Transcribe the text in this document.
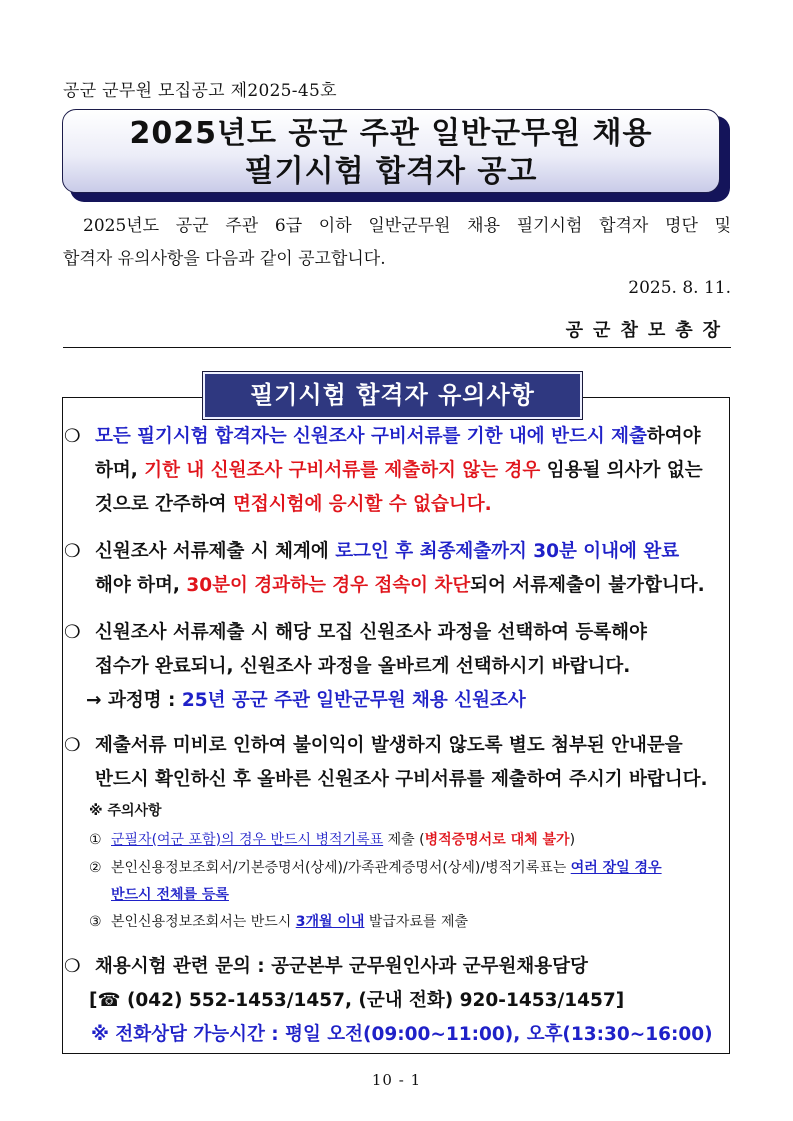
공군 군무원 모집공고 제2025-45호
2025년도 공군 주관 일반군무원 채용
필기시험 합격자 공고
2025년도 공군 주관 6급 이하 일반군무원 채용 필기시험 합격자 명단 및
합격자 유의사항을 다음과 같이 공고합니다.
2025. 8. 11.
공군참모총장
필기시험 합격자 유의사항
❍ 모든 필기시험 합격자는 신원조사 구비서류를 기한 내에 반드시 제출하여야
하며, 기한 내 신원조사 구비서류를 제출하지 않는 경우 임용될 의사가 없는
것으로 간주하여 면접시험에 응시할 수 없습니다.
❍ 신원조사 서류제출 시 체계에 로그인 후 최종제출까지 30분 이내에 완료
해야 하며, 30분이 경과하는 경우 접속이 차단되어 서류제출이 불가합니다.
❍ 신원조사 서류제출 시 해당 모집 신원조사 과정을 선택하여 등록해야
접수가 완료되니, 신원조사 과정을 올바르게 선택하시기 바랍니다.
→ 과정명 : 25년 공군 주관 일반군무원 채용 신원조사
❍ 제출서류 미비로 인하여 불이익이 발생하지 않도록 별도 첨부된 안내문을
반드시 확인하신 후 올바른 신원조사 구비서류를 제출하여 주시기 바랍니다.
※ 주의사항
① 군필자(여군 포함)의 경우 반드시 병적기록표 제출 (병적증명서로 대체 불가)
② 본인신용정보조회서/기본증명서(상세)/가족관계증명서(상세)/병적기록표는 여러 장일 경우
반드시 전체를 등록
③ 본인신용정보조회서는 반드시 3개월 이내 발급자료를 제출
❍ 채용시험 관련 문의 : 공군본부 군무원인사과 군무원채용담당
[☎ (042) 552-1453/1457, (군내 전화) 920-1453/1457]
※ 전화상담 가능시간 : 평일 오전(09:00~11:00), 오후(13:30~16:00)
10 - 1
